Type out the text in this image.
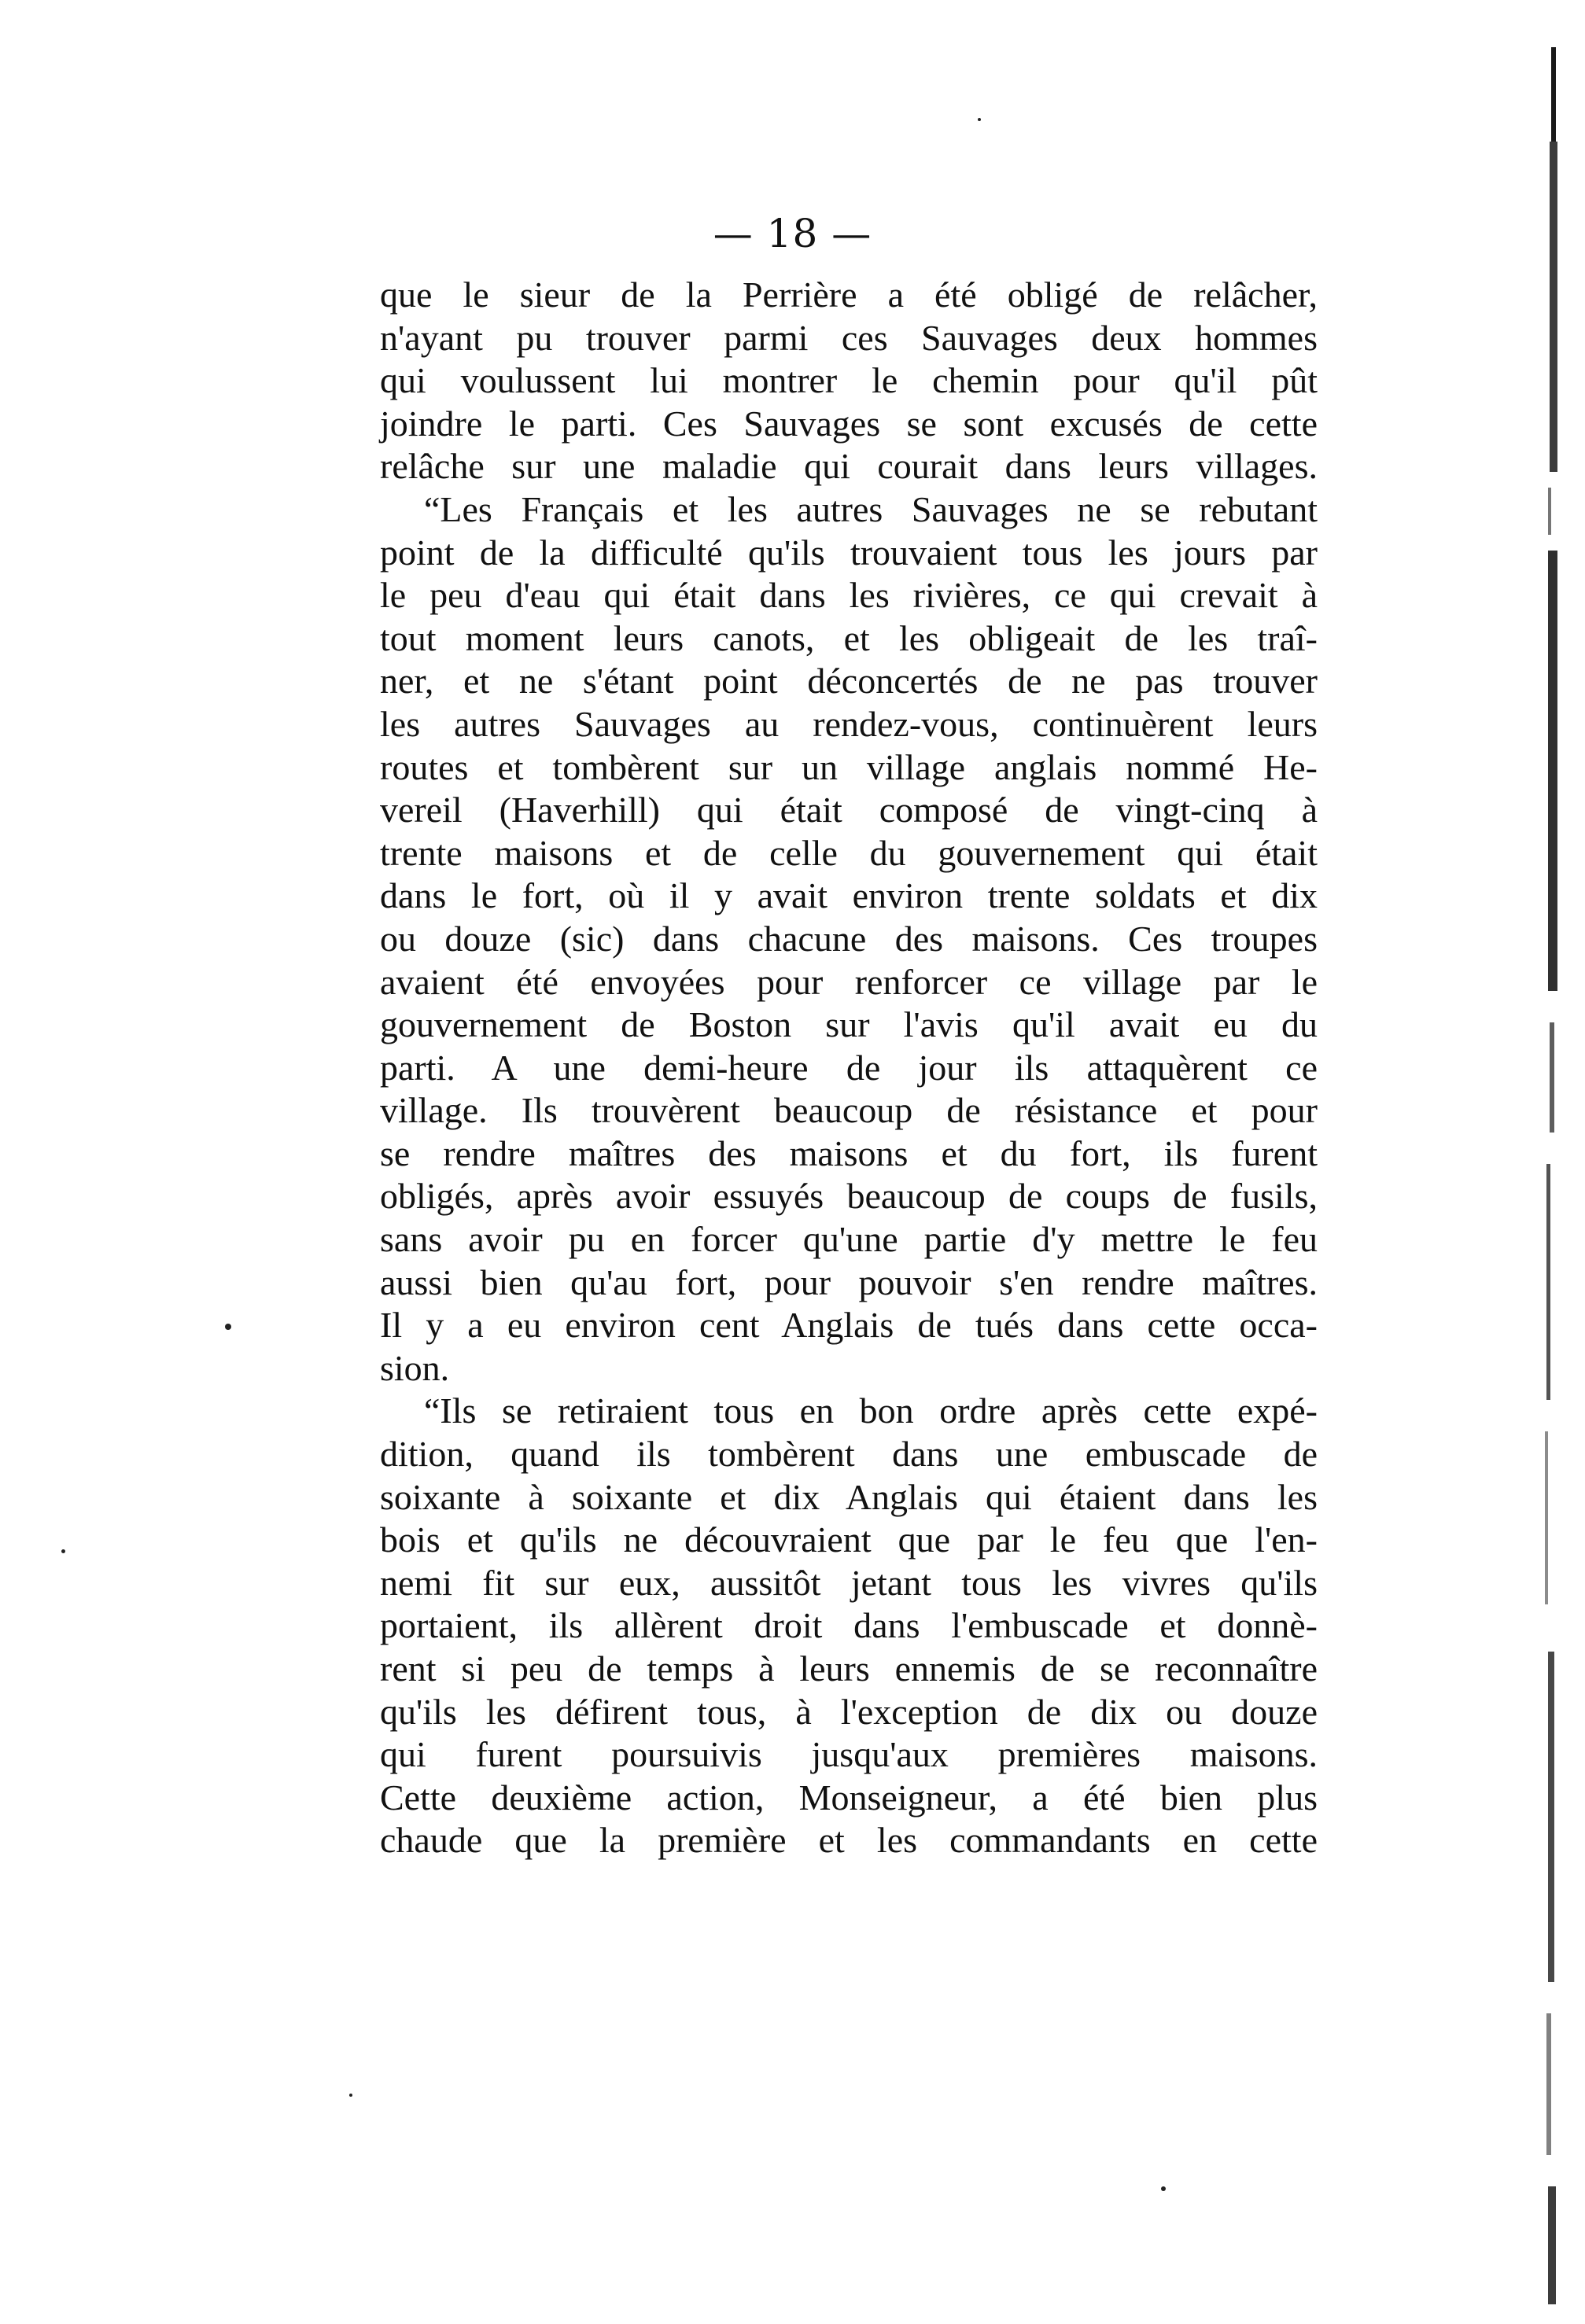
— 18 —
que le sieur de la Perrière a été obligé de relâcher,
n'ayant pu trouver parmi ces Sauvages deux hommes
qui voulussent lui montrer le chemin pour qu'il pût
joindre le parti. Ces Sauvages se sont excusés de cette
relâche sur une maladie qui courait dans leurs villages.
“Les Français et les autres Sauvages ne se rebutant
point de la difficulté qu'ils trouvaient tous les jours par
le peu d'eau qui était dans les rivières, ce qui crevait à
tout moment leurs canots, et les obligeait de les traî-
ner, et ne s'étant point déconcertés de ne pas trouver
les autres Sauvages au rendez-vous, continuèrent leurs
routes et tombèrent sur un village anglais nommé He-
vereil (Haverhill) qui était composé de vingt-cinq à
trente maisons et de celle du gouvernement qui était
dans le fort, où il y avait environ trente soldats et dix
ou douze (sic) dans chacune des maisons. Ces troupes
avaient été envoyées pour renforcer ce village par le
gouvernement de Boston sur l'avis qu'il avait eu du
parti. A une demi-heure de jour ils attaquèrent ce
village. Ils trouvèrent beaucoup de résistance et pour
se rendre maîtres des maisons et du fort, ils furent
obligés, après avoir essuyés beaucoup de coups de fusils,
sans avoir pu en forcer qu'une partie d'y mettre le feu
aussi bien qu'au fort, pour pouvoir s'en rendre maîtres.
Il y a eu environ cent Anglais de tués dans cette occa-
sion.
“Ils se retiraient tous en bon ordre après cette expé-
dition, quand ils tombèrent dans une embuscade de
soixante à soixante et dix Anglais qui étaient dans les
bois et qu'ils ne découvraient que par le feu que l'en-
nemi fit sur eux, aussitôt jetant tous les vivres qu'ils
portaient, ils allèrent droit dans l'embuscade et donnè-
rent si peu de temps à leurs ennemis de se reconnaître
qu'ils les défirent tous, à l'exception de dix ou douze
qui furent poursuivis jusqu'aux premières maisons.
Cette deuxième action, Monseigneur, a été bien plus
chaude que la première et les commandants en cette
